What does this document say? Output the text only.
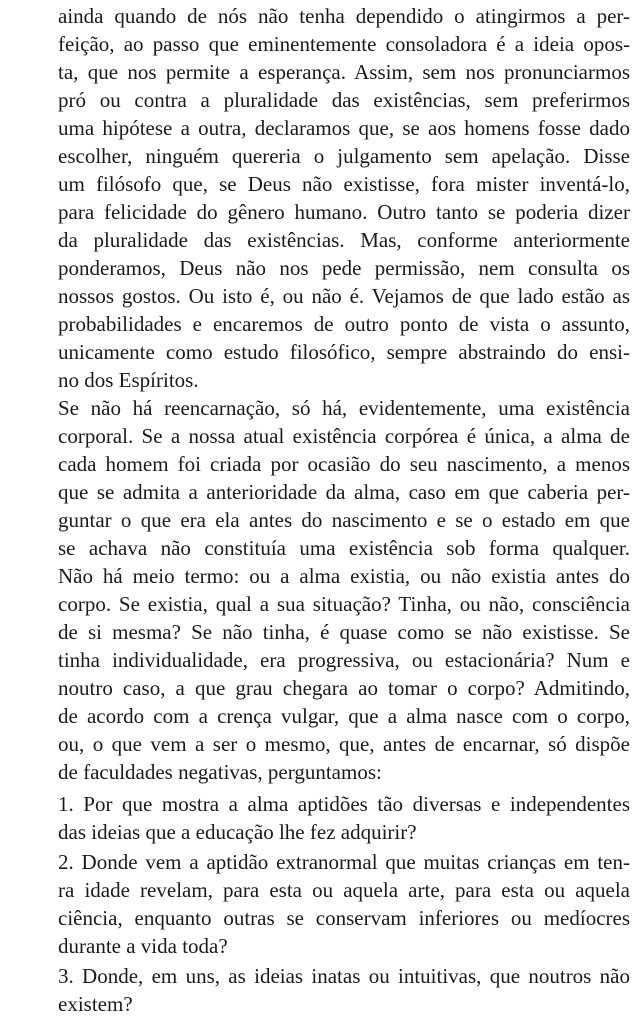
ainda quando de nós não tenha dependido o atingirmos a per-
feição, ao passo que eminentemente consoladora é a ideia opos-
ta, que nos permite a esperança. Assim, sem nos pronunciarmos
pró ou contra a pluralidade das existências, sem preferirmos
uma hipótese a outra, declaramos que, se aos homens fosse dado
escolher, ninguém quereria o julgamento sem apelação. Disse
um filósofo que, se Deus não existisse, fora mister inventá-lo,
para felicidade do gênero humano. Outro tanto se poderia dizer
da pluralidade das existências. Mas, conforme anteriormente
ponderamos, Deus não nos pede permissão, nem consulta os
nossos gostos. Ou isto é, ou não é. Vejamos de que lado estão as
probabilidades e encaremos de outro ponto de vista o assunto,
unicamente como estudo filosófico, sempre abstraindo do ensi-
no dos Espíritos.
Se não há reencarnação, só há, evidentemente, uma existência
corporal. Se a nossa atual existência corpórea é única, a alma de
cada homem foi criada por ocasião do seu nascimento, a menos
que se admita a anterioridade da alma, caso em que caberia per-
guntar o que era ela antes do nascimento e se o estado em que
se achava não constituía uma existência sob forma qualquer.
Não há meio termo: ou a alma existia, ou não existia antes do
corpo. Se existia, qual a sua situação? Tinha, ou não, consciência
de si mesma? Se não tinha, é quase como se não existisse. Se
tinha individualidade, era progressiva, ou estacionária? Num e
noutro caso, a que grau chegara ao tomar o corpo? Admitindo,
de acordo com a crença vulgar, que a alma nasce com o corpo,
ou, o que vem a ser o mesmo, que, antes de encarnar, só dispõe
de faculdades negativas, perguntamos:
1. Por que mostra a alma aptidões tão diversas e independentes
das ideias que a educação lhe fez adquirir?
2. Donde vem a aptidão extranormal que muitas crianças em ten-
ra idade revelam, para esta ou aquela arte, para esta ou aquela
ciência, enquanto outras se conservam inferiores ou medíocres
durante a vida toda?
3. Donde, em uns, as ideias inatas ou intuitivas, que noutros não
existem?
